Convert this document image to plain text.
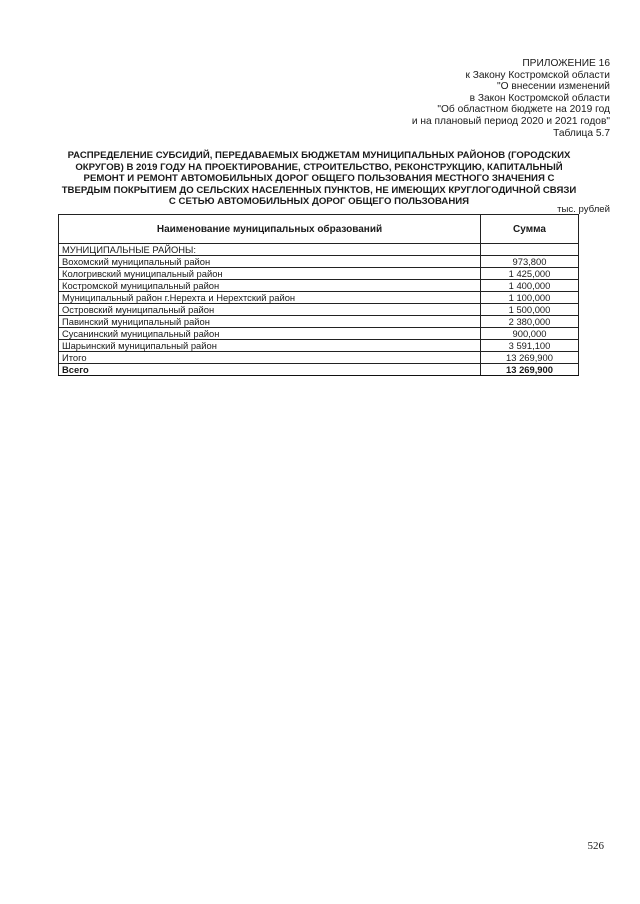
ПРИЛОЖЕНИЕ 16
к Закону Костромской области
"О внесении изменений
в Закон Костромской области
"Об областном бюджете на 2019 год
и на плановый период 2020 и 2021 годов"
Таблица 5.7
РАСПРЕДЕЛЕНИЕ СУБСИДИЙ, ПЕРЕДАВАЕМЫХ БЮДЖЕТАМ МУНИЦИПАЛЬНЫХ РАЙОНОВ (ГОРОДСКИХ ОКРУГОВ) В 2019 ГОДУ НА ПРОЕКТИРОВАНИЕ, СТРОИТЕЛЬСТВО, РЕКОНСТРУКЦИЮ, КАПИТАЛЬНЫЙ РЕМОНТ И РЕМОНТ АВТОМОБИЛЬНЫХ ДОРОГ ОБЩЕГО ПОЛЬЗОВАНИЯ МЕСТНОГО ЗНАЧЕНИЯ С ТВЕРДЫМ ПОКРЫТИЕМ ДО СЕЛЬСКИХ НАСЕЛЕННЫХ ПУНКТОВ, НЕ ИМЕЮЩИХ КРУГЛОГОДИЧНОЙ СВЯЗИ С СЕТЬЮ АВТОМОБИЛЬНЫХ ДОРОГ ОБЩЕГО ПОЛЬЗОВАНИЯ
тыс. рублей
Наименование муниципальных образований	Сумма
МУНИЦИПАЛЬНЫЕ РАЙОНЫ:	
Вохомский муниципальный район	973,800
Кологривский муниципальный район	1 425,000
Костромской муниципальный район	1 400,000
Муниципальный район г.Нерехта и Нерехтский район	1 100,000
Островский муниципальный район	1 500,000
Павинский муниципальный район	2 380,000
Сусанинский муниципальный район	900,000
Шарьинский муниципальный район	3 591,100
Итого	13 269,900
Всего	13 269,900
526
